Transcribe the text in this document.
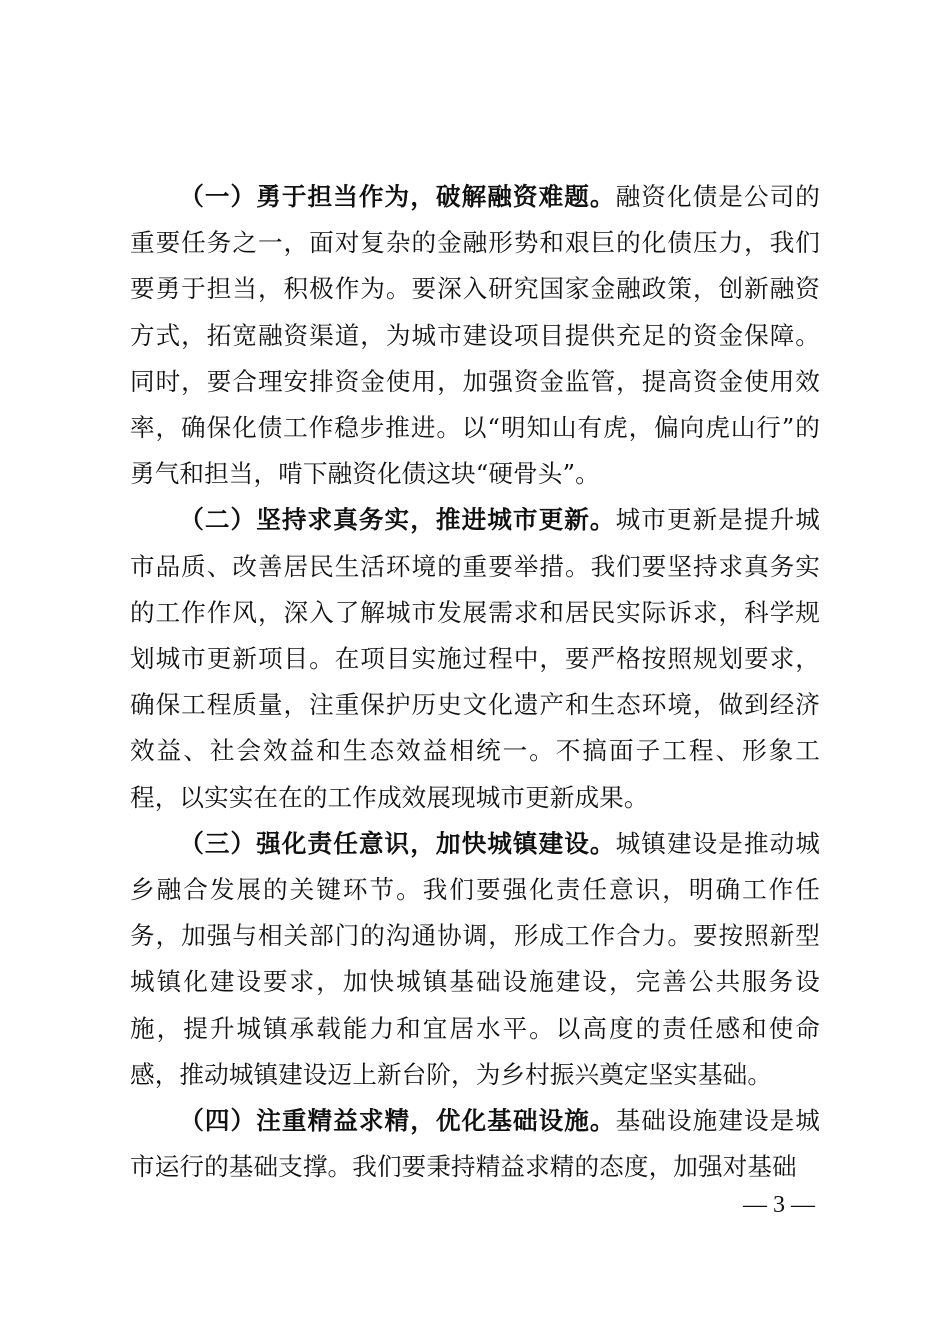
（一）勇于担当作为，破解融资难题。融资化债是公司的重要任务之一，面对复杂的金融形势和艰巨的化债压力，我们要勇于担当，积极作为。要深入研究国家金融政策，创新融资方式，拓宽融资渠道，为城市建设项目提供充足的资金保障。同时，要合理安排资金使用，加强资金监管，提高资金使用效率，确保化债工作稳步推进。以“明知山有虎，偏向虎山行”的勇气和担当，啃下融资化债这块“硬骨头”。

（二）坚持求真务实，推进城市更新。城市更新是提升城市品质、改善居民生活环境的重要举措。我们要坚持求真务实的工作作风，深入了解城市发展需求和居民实际诉求，科学规划城市更新项目。在项目实施过程中，要严格按照规划要求，确保工程质量，注重保护历史文化遗产和生态环境，做到经济效益、社会效益和生态效益相统一。不搞面子工程、形象工程，以实实在在的工作成效展现城市更新成果。

（三）强化责任意识，加快城镇建设。城镇建设是推动城乡融合发展的关键环节。我们要强化责任意识，明确工作任务，加强与相关部门的沟通协调，形成工作合力。要按照新型城镇化建设要求，加快城镇基础设施建设，完善公共服务设施，提升城镇承载能力和宜居水平。以高度的责任感和使命感，推动城镇建设迈上新台阶，为乡村振兴奠定坚实基础。

（四）注重精益求精，优化基础设施。基础设施建设是城市运行的基础支撑。我们要秉持精益求精的态度，加强对基础

— 3 —
